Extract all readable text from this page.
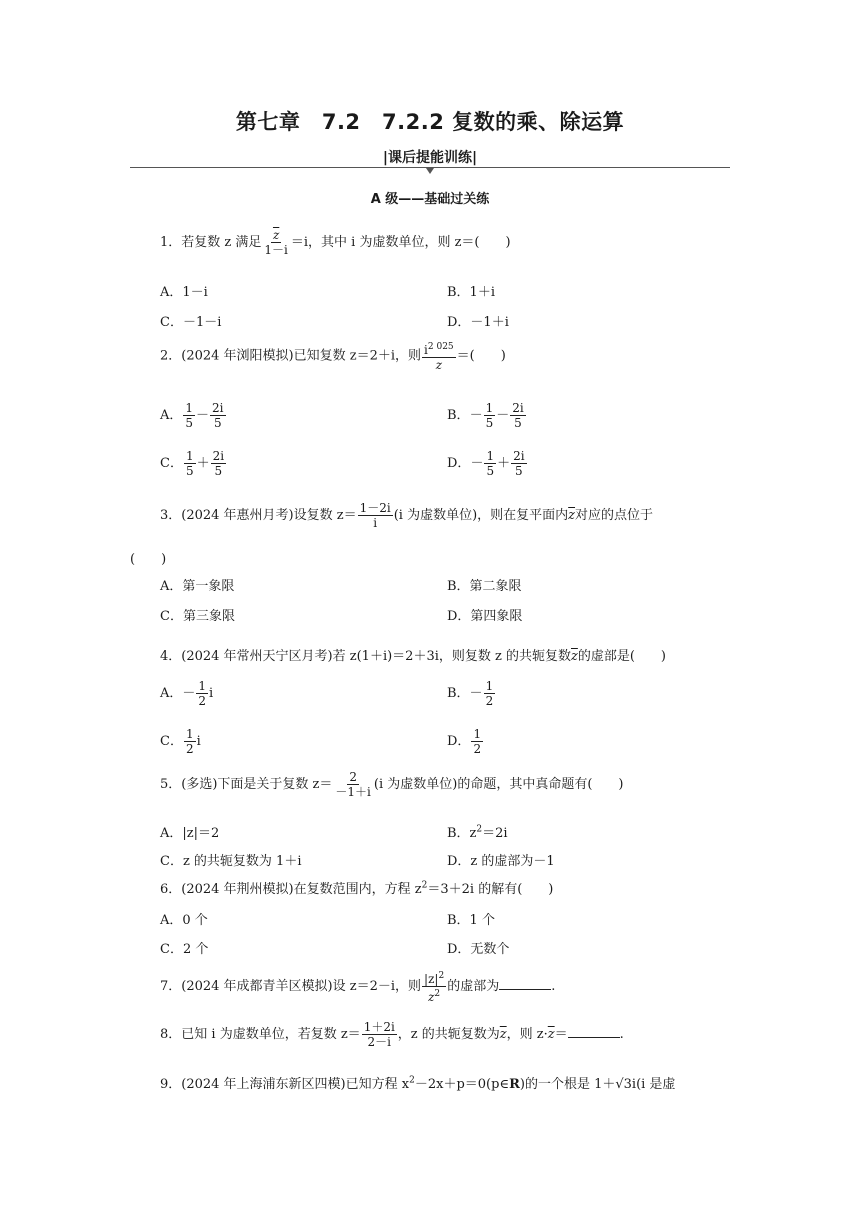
第七章　7.2　7.2.2 复数的乘、除运算
|课后提能训练|
A 级——基础过关练
1．若复数 z 满足 $\frac{\overline{z}}{1-i} =i$，其中 i 为虚数单位，则 z＝(　　)
A．1－i	B．1＋i
C．－1－i	D．－1＋i
2．(2024 年浏阳模拟)已知复数 z＝2＋i，则 $\frac{i^{2 025}}{z}$ ＝(　　)
A． $\frac{1}{5} - \frac{2i}{5}$	B．－ $\frac{1}{5} - \frac{2i}{5}$
C． $\frac{1}{5} + \frac{2i}{5}$	D．－ $\frac{1}{5} + \frac{2i}{5}$
3．(2024 年惠州月考)设复数 $z= \frac{1-2i}{i} (i$ 为虚数单位)，则在复平面内$\overline{z}$对应的点位于
(　　)
A．第一象限	B．第二象限
C．第三象限	D．第四象限
4．(2024 年常州天宁区月考)若 z(1＋i)＝2＋3i，则复数 z 的共轭复数$\overline{z}$的虚部是(　　)
A．－ $\frac{1}{2}$ i	B．－ $\frac{1}{2}$
C． $\frac{1}{2}$ i	D． $\frac{1}{2}$
5．(多选)下面是关于复数 $z= \frac{2}{-1+i} (i$ 为虚数单位)的命题，其中真命题有(　　)
A．|z|＝2	B．$z^2=2i$
C．z 的共轭复数为 1＋i	D．z 的虚部为－1
6．(2024 年荆州模拟)在复数范围内，方程 $z^2=3+2i$ 的解有(　　)
A．0 个	B．1 个
C．2 个	D．无数个
7．(2024 年成都青羊区模拟)设 z＝2－i，则 $\frac{|z|^2}{z^2}$ 的虚部为	.
8．已知 i 为虚数单位，若复数 $z= \frac{1+2i}{2-i}$ ，z 的共轭复数为$\overline{z}$，则 $z\cdot\overline{z}=$	.
9．(2024 年上海浦东新区四模)已知方程 $x^2-2x+p=0(p\in R)$的一个根是 1＋√3i(i 是虚
